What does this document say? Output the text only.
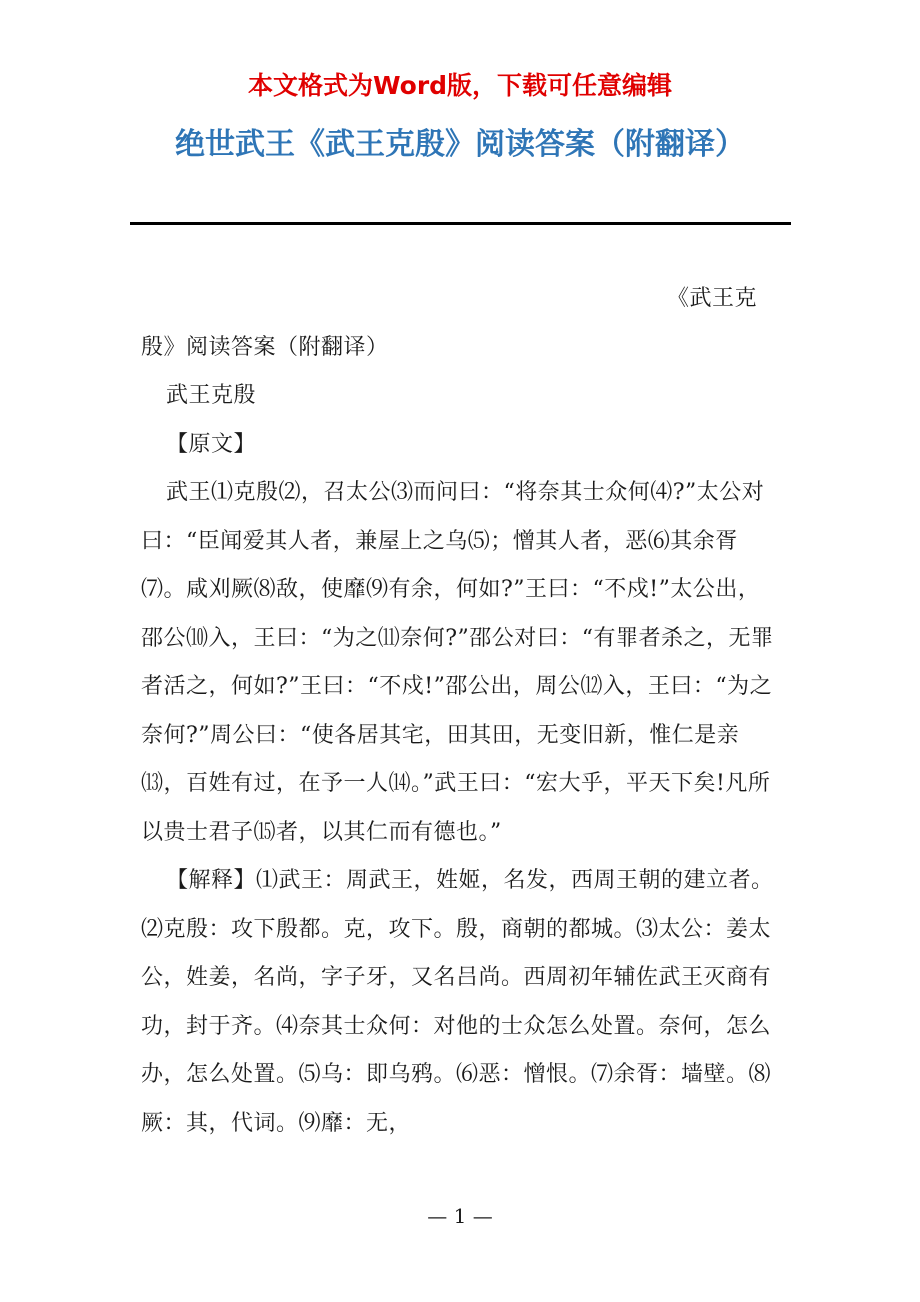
本文格式为Word版，下载可任意编辑
绝世武王《武王克殷》阅读答案（附翻译）

《武王克

殷》阅读答案（附翻译）

武王克殷

【原文】

武王⑴克殷⑵，召太公⑶而问曰：“将奈其士众何⑷?”太公对曰：“臣闻爱其人者，兼屋上之乌⑸；憎其人者，恶⑹其余胥⑺。咸刈厥⑻敌，使靡⑼有余，何如?”王曰：“不戍!”太公出，邵公⑽入，王曰：“为之⑾奈何?”邵公对曰：“有罪者杀之，无罪者活之，何如?”王曰：“不戍!”邵公出，周公⑿入，王曰：“为之奈何?”周公曰：“使各居其宅，田其田，无变旧新，惟仁是亲⒀，百姓有过，在予一人⒁。”武王曰：“宏大乎，平天下矣!凡所以贵士君子⒂者，以其仁而有德也。”

【解释】⑴武王：周武王，姓姬，名发，西周王朝的建立者。⑵克殷：攻下殷都。克，攻下。殷，商朝的都城。⑶太公：姜太公，姓姜，名尚，字子牙，又名吕尚。西周初年辅佐武王灭商有功，封于齐。⑷奈其士众何：对他的士众怎么处置。奈何，怎么办，怎么处置。⑸乌：即乌鸦。⑹恶：憎恨。⑺余胥：墙壁。⑻厥：其，代词。⑼靡：无，

— 1 —
